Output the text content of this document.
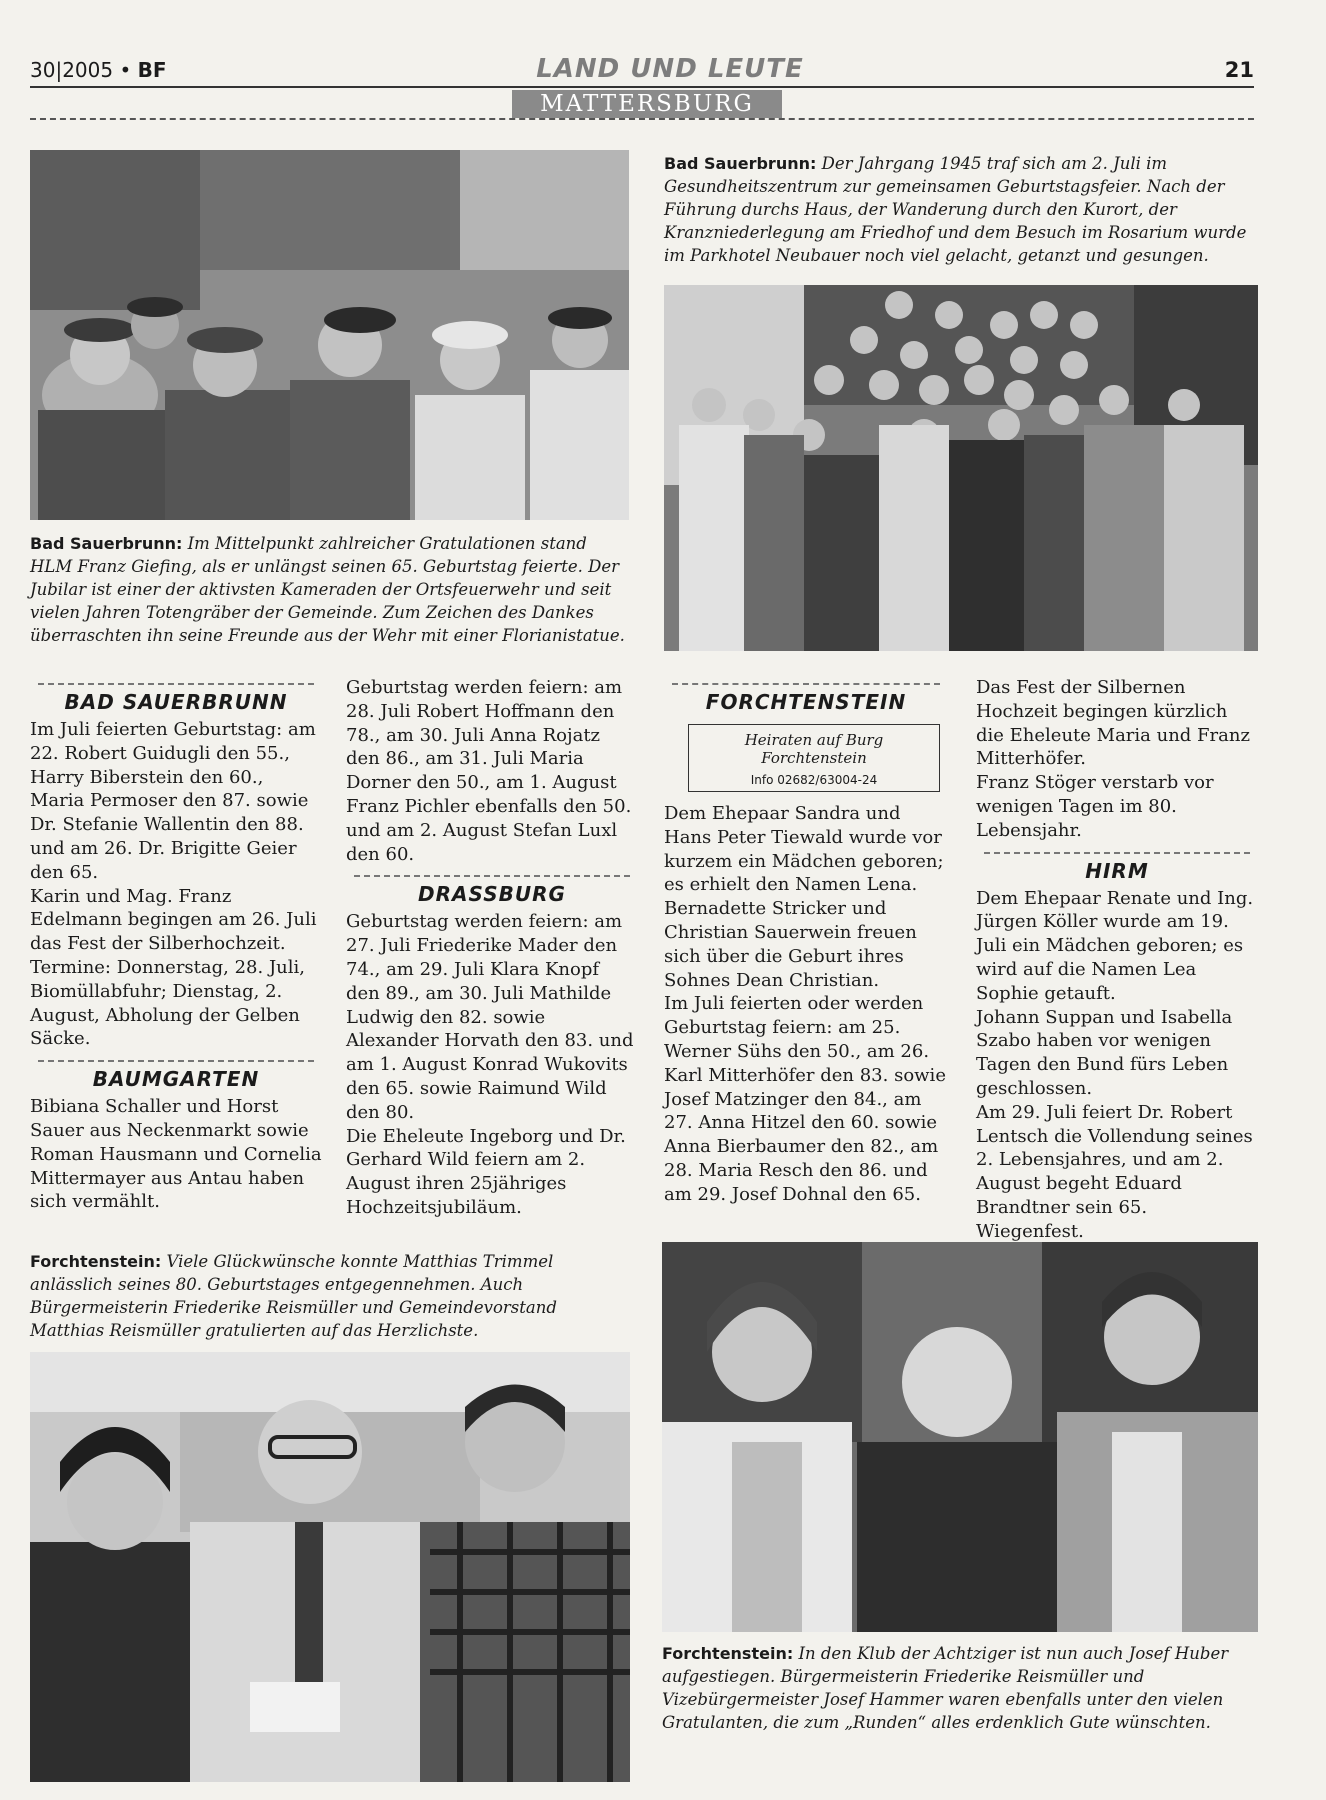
30|2005 • BF	LAND UND LEUTE	21
MATTERSBURG
Bad Sauerbrunn: Der Jahrgang 1945 traf sich am 2. Juli im Gesundheitszentrum zur gemeinsamen Geburtstagsfeier. Nach der Führung durchs Haus, der Wanderung durch den Kurort, der Kranzniederlegung am Friedhof und dem Besuch im Rosarium wurde im Parkhotel Neubauer noch viel gelacht, getanzt und gesungen.
Bad Sauerbrunn: Im Mittelpunkt zahlreicher Gratulationen stand HLM Franz Giefing, als er unlängst seinen 65. Geburtstag feierte. Der Jubilar ist einer der aktivsten Kameraden der Ortsfeuerwehr und seit vielen Jahren Totengräber der Gemeinde. Zum Zeichen des Dankes überraschten ihn seine Freunde aus der Wehr mit einer Florianistatue.
BAD SAUERBRUNN

Im Juli feierten Geburtstag: am 22. Robert Guidugli den 55., Harry Biberstein den 60., Maria Permoser den 87. sowie Dr. Stefanie Wallentin den 88. und am 26. Dr. Brigitte Geier den 65.

Karin und Mag. Franz Edelmann begingen am 26. Juli das Fest der Silberhochzeit.

Termine: Donnerstag, 28. Juli, Biomüllabfuhr; Dienstag, 2. August, Abholung der Gelben Säcke.

BAUMGARTEN

Bibiana Schaller und Horst Sauer aus Neckenmarkt sowie Roman Hausmann und Cornelia Mittermayer aus Antau haben sich vermählt.

Geburtstag werden feiern: am 28. Juli Robert Hoffmann den 78., am 30. Juli Anna Rojatz den 86., am 31. Juli Maria Dorner den 50., am 1. August Franz Pichler ebenfalls den 50. und am 2. August Stefan Luxl den 60.

DRASSBURG

Geburtstag werden feiern: am 27. Juli Friederike Mader den 74., am 29. Juli Klara Knopf den 89., am 30. Juli Mathilde Ludwig den 82. sowie Alexander Horvath den 83. und am 1. August Konrad Wukovits den 65. sowie Raimund Wild den 80.

Die Eheleute Ingeborg und Dr. Gerhard Wild feiern am 2. August ihren 25jähriges Hochzeitsjubiläum.

FORCHTENSTEIN
Heiraten auf Burg Forchtenstein
Info 02682/63004-24

Dem Ehepaar Sandra und Hans Peter Tiewald wurde vor kurzem ein Mädchen geboren; es erhielt den Namen Lena.

Bernadette Stricker und Christian Sauerwein freuen sich über die Geburt ihres Sohnes Dean Christian.

Im Juli feierten oder werden Geburtstag feiern: am 25. Werner Sühs den 50., am 26. Karl Mitterhöfer den 83. sowie Josef Matzinger den 84., am 27. Anna Hitzel den 60. sowie Anna Bierbaumer den 82., am 28. Maria Resch den 86. und am 29. Josef Dohnal den 65.

Das Fest der Silbernen Hochzeit begingen kürzlich die Eheleute Maria und Franz Mitterhöfer.

Franz Stöger verstarb vor wenigen Tagen im 80. Lebensjahr.

HIRM

Dem Ehepaar Renate und Ing. Jürgen Köller wurde am 19. Juli ein Mädchen geboren; es wird auf die Namen Lea Sophie getauft.

Johann Suppan und Isabella Szabo haben vor wenigen Tagen den Bund fürs Leben geschlossen.

Am 29. Juli feiert Dr. Robert Lentsch die Vollendung seines 2. Lebensjahres, und am 2. August begeht Eduard Brandtner sein 65. Wiegenfest.

Forchtenstein: Viele Glückwünsche konnte Matthias Trimmel anlässlich seines 80. Geburtstages entgegennehmen. Auch Bürgermeisterin Friederike Reismüller und Gemeindevorstand Matthias Reismüller gratulierten auf das Herzlichste.
Forchtenstein: In den Klub der Achtziger ist nun auch Josef Huber aufgestiegen. Bürgermeisterin Friederike Reismüller und Vizebürgermeister Josef Hammer waren ebenfalls unter den vielen Gratulanten, die zum „Runden“ alles erdenklich Gute wünschten.
